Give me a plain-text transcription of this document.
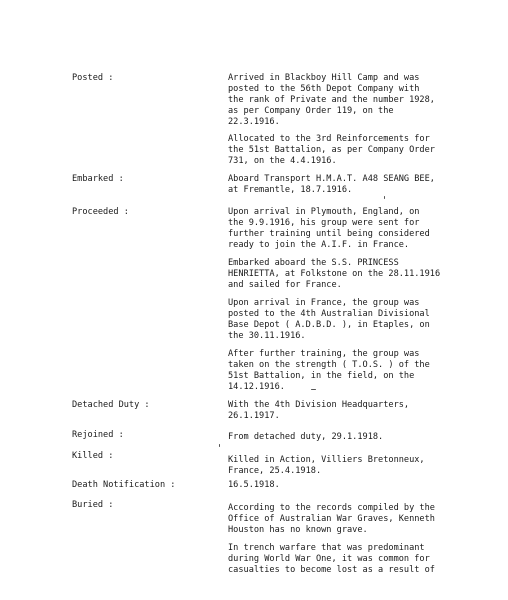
Posted :	Arrived in Blackboy Hill Camp and was
posted to the 56th Depot Company with
the rank of Private and the number 1928,
as per Company Order 119, on the
22.3.1916.
Allocated to the 3rd Reinforcements for
the 51st Battalion, as per Company Order
731, on the 4.4.1916.
Embarked :	Aboard Transport H.M.A.T. A48 SEANG BEE,
at Fremantle, 18.7.1916.
Proceeded :	Upon arrival in Plymouth, England, on
the 9.9.1916, his group were sent for
further training until being considered
ready to join the A.I.F. in France.
Embarked aboard the S.S. PRINCESS
HENRIETTA, at Folkstone on the 28.11.1916
and sailed for France.
Upon arrival in France, the group was
posted to the 4th Australian Divisional
Base Depot ( A.D.B.D. ), in Etaples, on
the 30.11.1916.
After further training, the group was
taken on the strength ( T.O.S. ) of the
51st Battalion, in the field, on the
14.12.1916.
Detached Duty :	With the 4th Division Headquarters,
26.1.1917.
Rejoined :	From detached duty, 29.1.1918.
Killed :	Killed in Action, Villiers Bretonneux,
France, 25.4.1918.
Death Notification :	16.5.1918.
Buried :	According to the records compiled by the
Office of Australian War Graves, Kenneth
Houston has no known grave.
In trench warfare that was predominant
during World War One, it was common for
casualties to become lost as a result of
